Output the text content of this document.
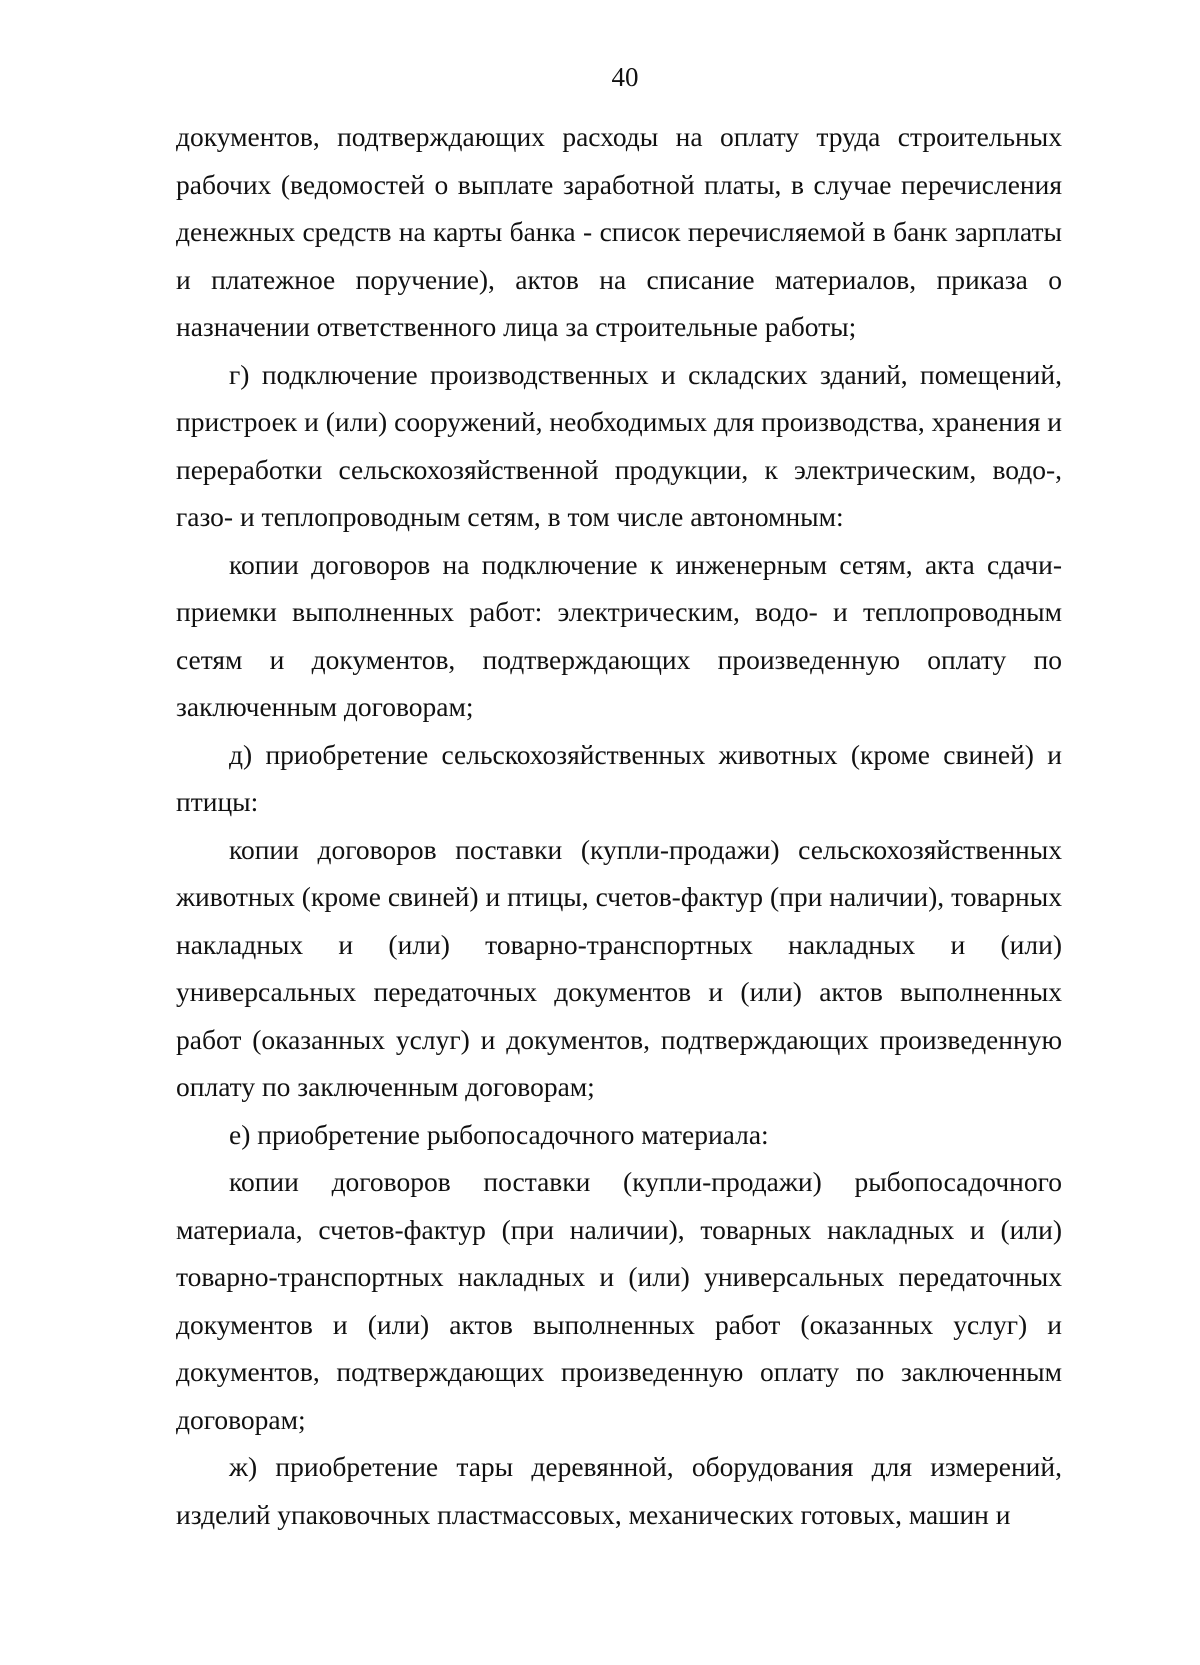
40

документов, подтверждающих расходы на оплату труда строительных рабочих (ведомостей о выплате заработной платы, в случае перечисления денежных средств на карты банка - список перечисляемой в банк зарплаты и платежное поручение), актов на списание материалов, приказа о назначении ответственного лица за строительные работы;

г) подключение производственных и складских зданий, помещений, пристроек и (или) сооружений, необходимых для производства, хранения и переработки сельскохозяйственной продукции, к электрическим, водо-, газо- и теплопроводным сетям, в том числе автономным:

копии договоров на подключение к инженерным сетям, акта сдачи-приемки выполненных работ: электрическим, водо- и теплопроводным сетям и документов, подтверждающих произведенную оплату по заключенным договорам;

д) приобретение сельскохозяйственных животных (кроме свиней) и птицы:

копии договоров поставки (купли-продажи) сельскохозяйственных животных (кроме свиней) и птицы, счетов-фактур (при наличии), товарных накладных и (или) товарно-транспортных накладных и (или) универсальных передаточных документов и (или) актов выполненных работ (оказанных услуг) и документов, подтверждающих произведенную оплату по заключенным договорам;

е) приобретение рыбопосадочного материала:

копии договоров поставки (купли-продажи) рыбопосадочного материала, счетов-фактур (при наличии), товарных накладных и (или) товарно-транспортных накладных и (или) универсальных передаточных документов и (или) актов выполненных работ (оказанных услуг) и документов, подтверждающих произведенную оплату по заключенным договорам;

ж) приобретение тары деревянной, оборудования для измерений, изделий упаковочных пластмассовых, механических готовых, машин и
